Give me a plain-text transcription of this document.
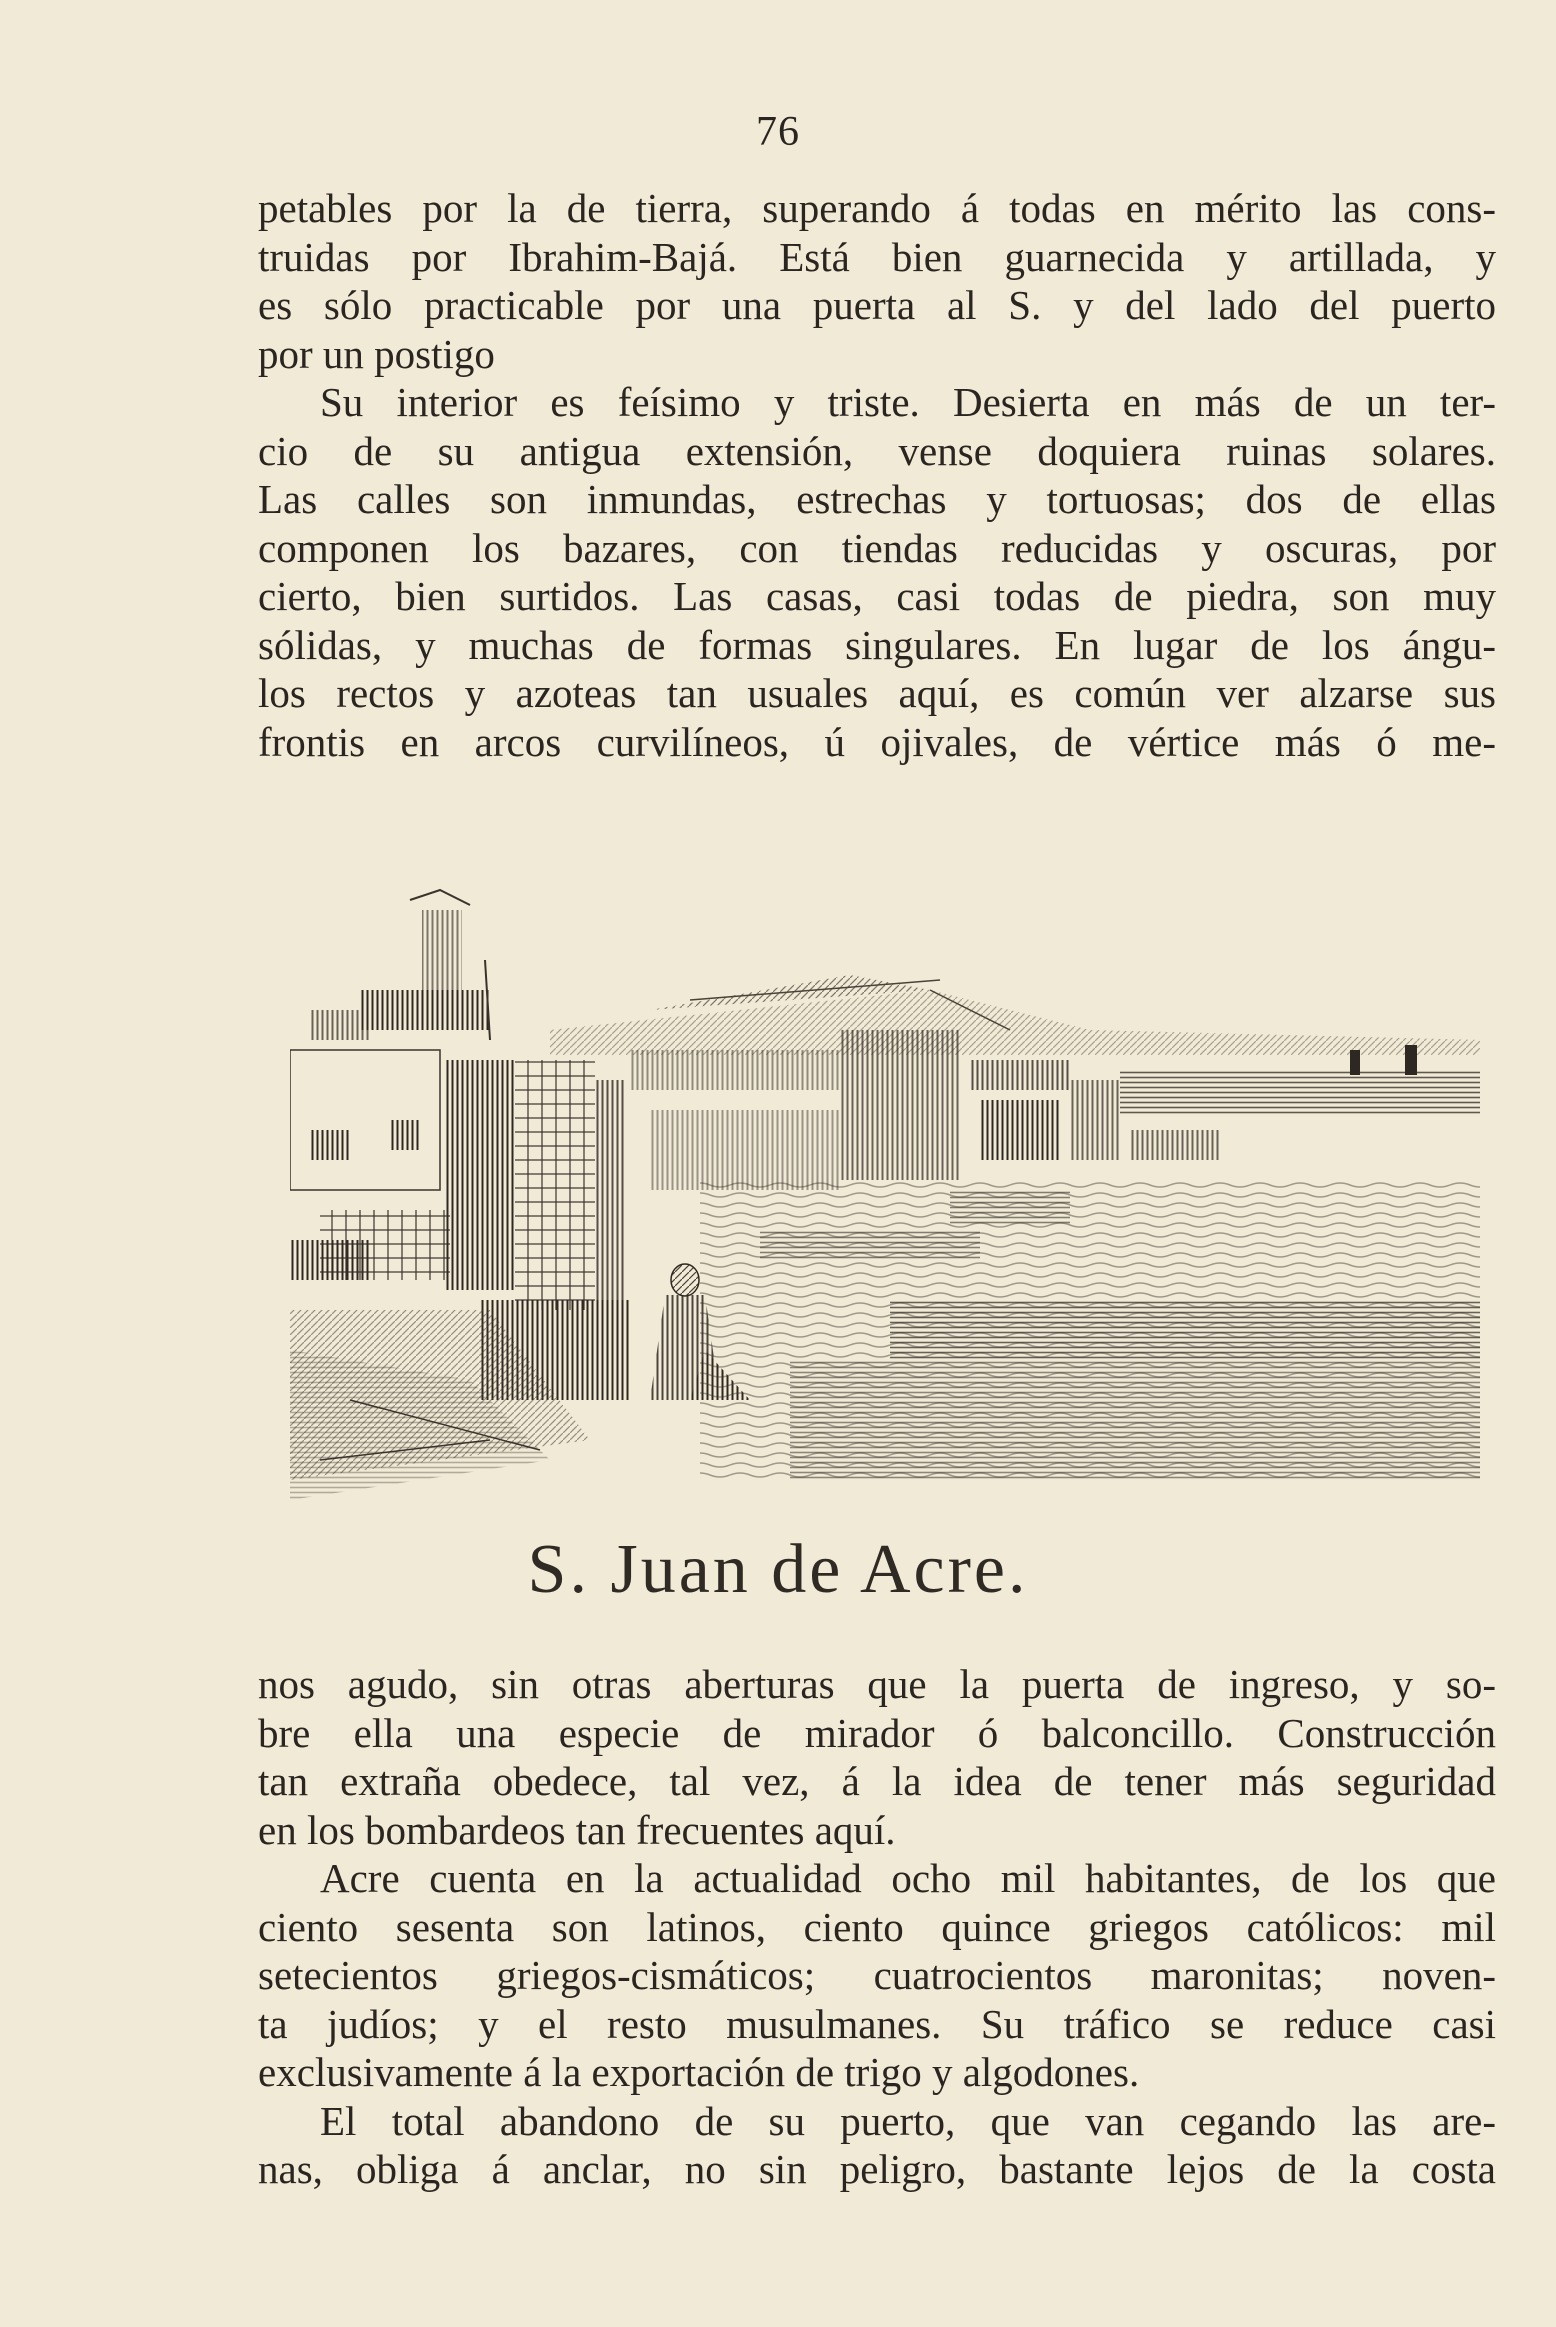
76
petables por la de tierra, superando á todas en mérito las cons-
truidas por Ibrahim-Bajá. Está bien guarnecida y artillada, y
es sólo practicable por una puerta al S. y del lado del puerto
por un postigo
Su interior es feísimo y triste. Desierta en más de un ter-
cio de su antigua extensión, vense doquiera ruinas solares.
Las calles son inmundas, estrechas y tortuosas; dos de ellas
componen los bazares, con tiendas reducidas y oscuras, por
cierto, bien surtidos. Las casas, casi todas de piedra, son muy
sólidas, y muchas de formas singulares. En lugar de los ángu-
los rectos y azoteas tan usuales aquí, es común ver alzarse sus
frontis en arcos curvilíneos, ú ojivales, de vértice más ó me-
S. Juan de Acre.
nos agudo, sin otras aberturas que la puerta de ingreso, y so-
bre ella una especie de mirador ó balconcillo. Construcción
tan extraña obedece, tal vez, á la idea de tener más seguridad
en los bombardeos tan frecuentes aquí.
Acre cuenta en la actualidad ocho mil habitantes, de los que
ciento sesenta son latinos, ciento quince griegos católicos: mil
setecientos griegos-cismáticos; cuatrocientos maronitas; noven-
ta judíos; y el resto musulmanes. Su tráfico se reduce casi
exclusivamente á la exportación de trigo y algodones.
El total abandono de su puerto, que van cegando las are-
nas, obliga á anclar, no sin peligro, bastante lejos de la costa
